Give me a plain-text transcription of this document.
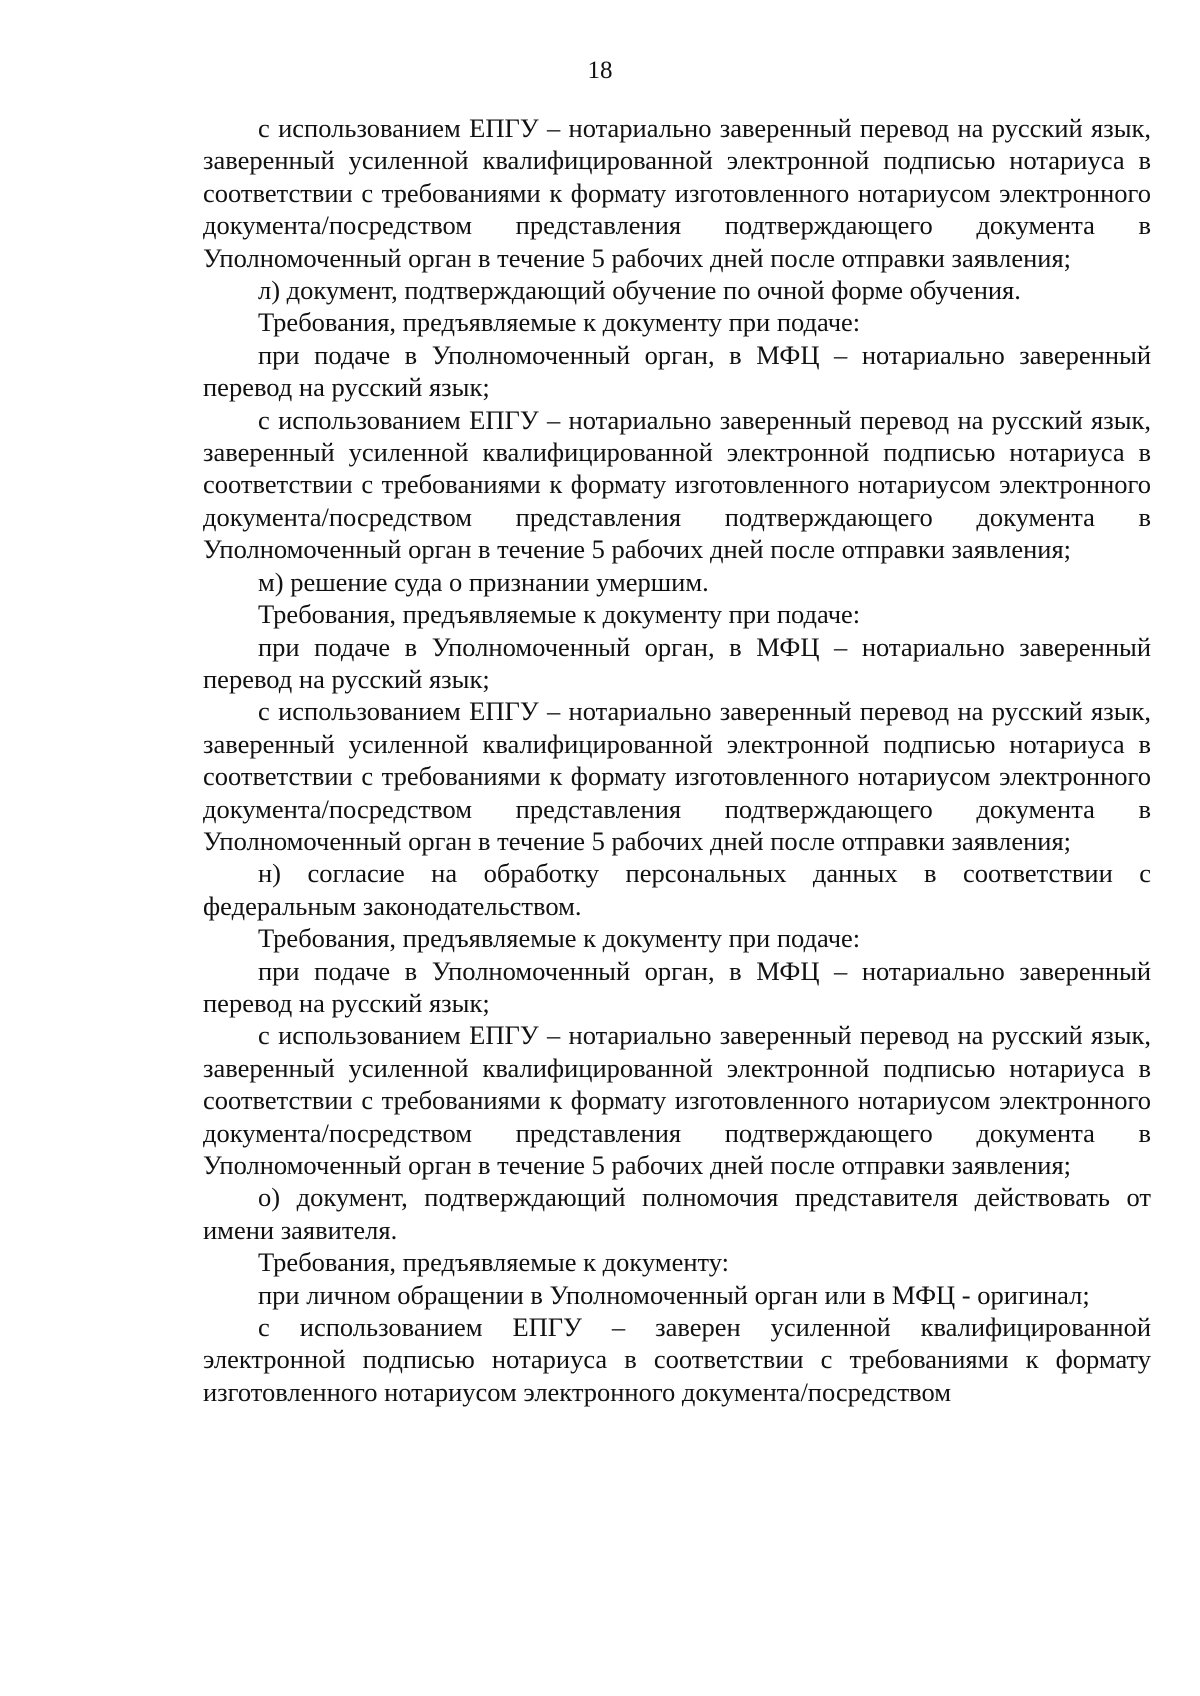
18

с использованием ЕПГУ – нотариально заверенный перевод на русский язык, заверенный усиленной квалифицированной электронной подписью нотариуса в соответствии с требованиями к формату изготовленного нотариусом электронного документа/посредством представления подтверждающего документа в Уполномоченный орган в течение 5 рабочих дней после отправки заявления;

л) документ, подтверждающий обучение по очной форме обучения.

Требования, предъявляемые к документу при подаче:

при подаче в Уполномоченный орган, в МФЦ – нотариально заверенный перевод на русский язык;

с использованием ЕПГУ – нотариально заверенный перевод на русский язык, заверенный усиленной квалифицированной электронной подписью нотариуса в соответствии с требованиями к формату изготовленного нотариусом электронного документа/посредством представления подтверждающего документа в Уполномоченный орган в течение 5 рабочих дней после отправки заявления;

м) решение суда о признании умершим.

Требования, предъявляемые к документу при подаче:

при подаче в Уполномоченный орган, в МФЦ – нотариально заверенный перевод на русский язык;

с использованием ЕПГУ – нотариально заверенный перевод на русский язык, заверенный усиленной квалифицированной электронной подписью нотариуса в соответствии с требованиями к формату изготовленного нотариусом электронного документа/посредством представления подтверждающего документа в Уполномоченный орган в течение 5 рабочих дней после отправки заявления;

н) согласие на обработку персональных данных в соответствии с федеральным законодательством.

Требования, предъявляемые к документу при подаче:

при подаче в Уполномоченный орган, в МФЦ – нотариально заверенный перевод на русский язык;

с использованием ЕПГУ – нотариально заверенный перевод на русский язык, заверенный усиленной квалифицированной электронной подписью нотариуса в соответствии с требованиями к формату изготовленного нотариусом электронного документа/посредством представления подтверждающего документа в Уполномоченный орган в течение 5 рабочих дней после отправки заявления;

о) документ, подтверждающий полномочия представителя действовать от имени заявителя.

Требования, предъявляемые к документу:

при личном обращении в Уполномоченный орган или в МФЦ - оригинал;

с использованием ЕПГУ – заверен усиленной квалифицированной электронной подписью нотариуса в соответствии с требованиями к формату изготовленного нотариусом электронного документа/посредством
